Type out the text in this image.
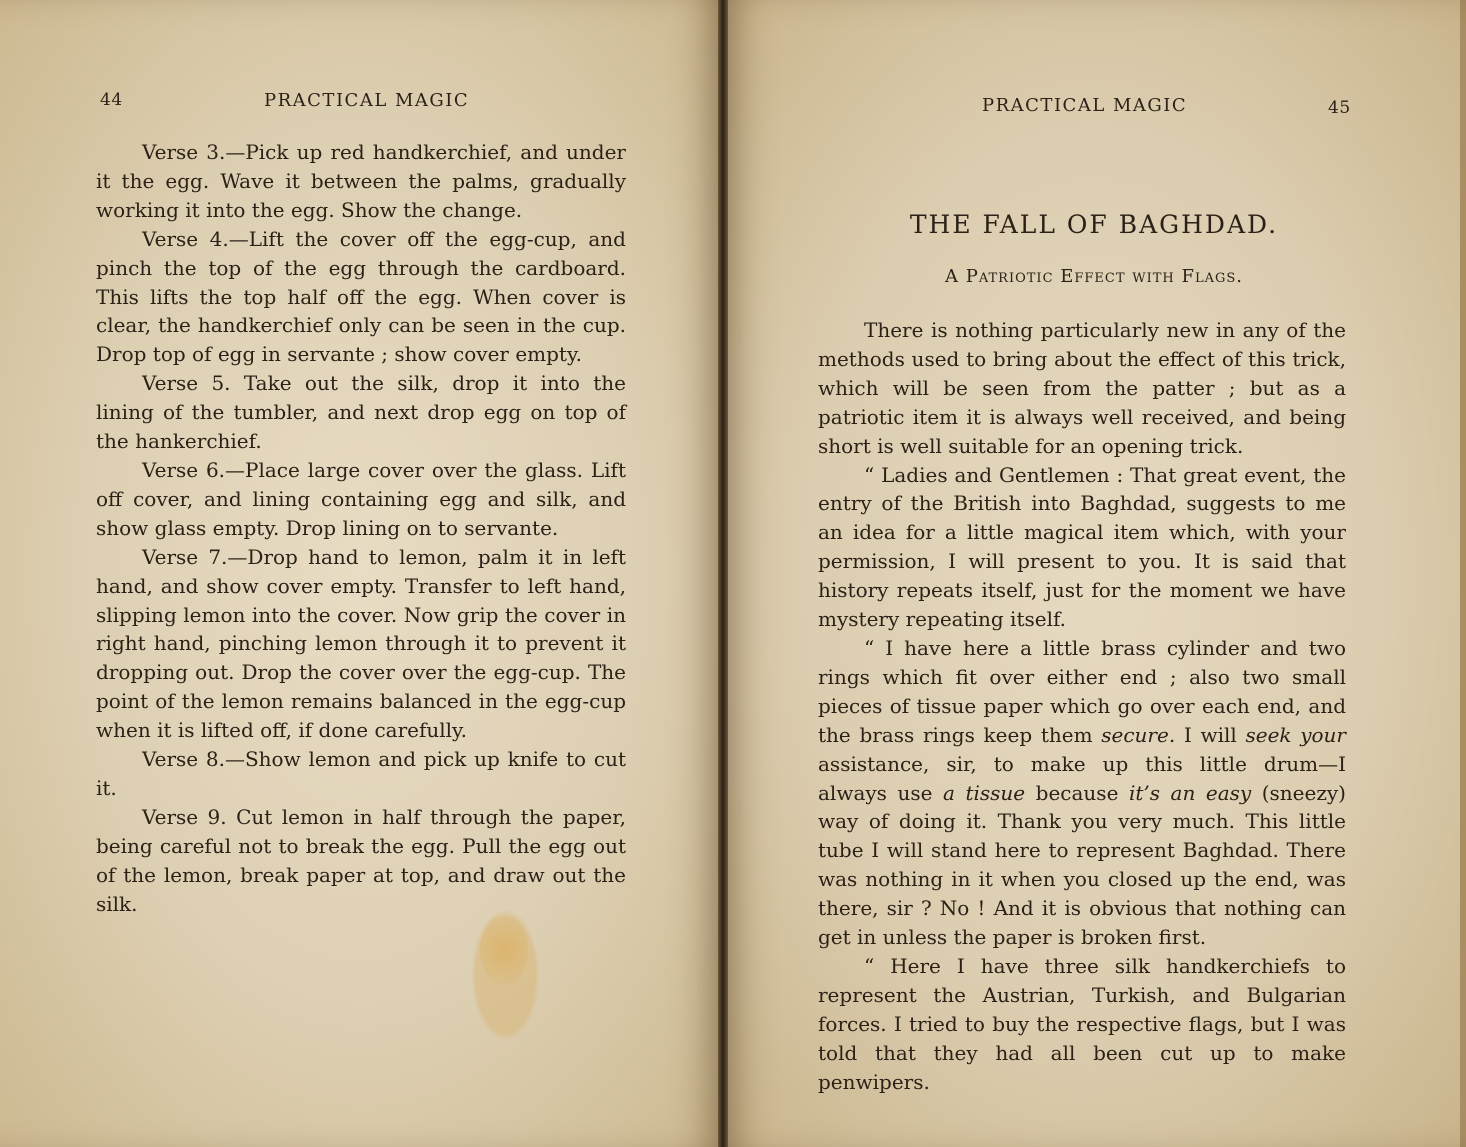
44	PRACTICAL MAGIC

Verse 3.—Pick up red handkerchief, and under it the egg. Wave it between the palms, gradually working it into the egg. Show the change.

Verse 4.—Lift the cover off the egg-cup, and pinch the top of the egg through the cardboard. This lifts the top half off the egg. When cover is clear, the handkerchief only can be seen in the cup. Drop top of egg in servante ; show cover empty.

Verse 5. Take out the silk, drop it into the lining of the tumbler, and next drop egg on top of the hankerchief.

Verse 6.—Place large cover over the glass. Lift off cover, and lining containing egg and silk, and show glass empty. Drop lining on to servante.

Verse 7.—Drop hand to lemon, palm it in left hand, and show cover empty. Transfer to left hand, slipping lemon into the cover. Now grip the cover in right hand, pinching lemon through it to prevent it dropping out. Drop the cover over the egg-cup. The point of the lemon remains balanced in the egg-cup when it is lifted off, if done carefully.

Verse 8.—Show lemon and pick up knife to cut it.

Verse 9. Cut lemon in half through the paper, being careful not to break the egg. Pull the egg out of the lemon, break paper at top, and draw out the silk.

PRACTICAL MAGIC	45
THE FALL OF BAGHDAD.
A Patriotic Effect with Flags.

There is nothing particularly new in any of the methods used to bring about the effect of this trick, which will be seen from the patter ; but as a patriotic item it is always well received, and being short is well suitable for an opening trick.

“ Ladies and Gentlemen : That great event, the entry of the British into Baghdad, suggests to me an idea for a little magical item which, with your permission, I will present to you. It is said that history repeats itself, just for the moment we have mystery repeating itself.

“ I have here a little brass cylinder and two rings which fit over either end ; also two small pieces of tissue paper which go over each end, and the brass rings keep them secure. I will seek your assistance, sir, to make up this little drum—I always use a tissue because it’s an easy (sneezy) way of doing it. Thank you very much. This little tube I will stand here to represent Baghdad. There was nothing in it when you closed up the end, was there, sir ? No ! And it is obvious that nothing can get in unless the paper is broken first.

“ Here I have three silk handkerchiefs to represent the Austrian, Turkish, and Bulgarian forces. I tried to buy the respective flags, but I was told that they had all been cut up to make penwipers.
